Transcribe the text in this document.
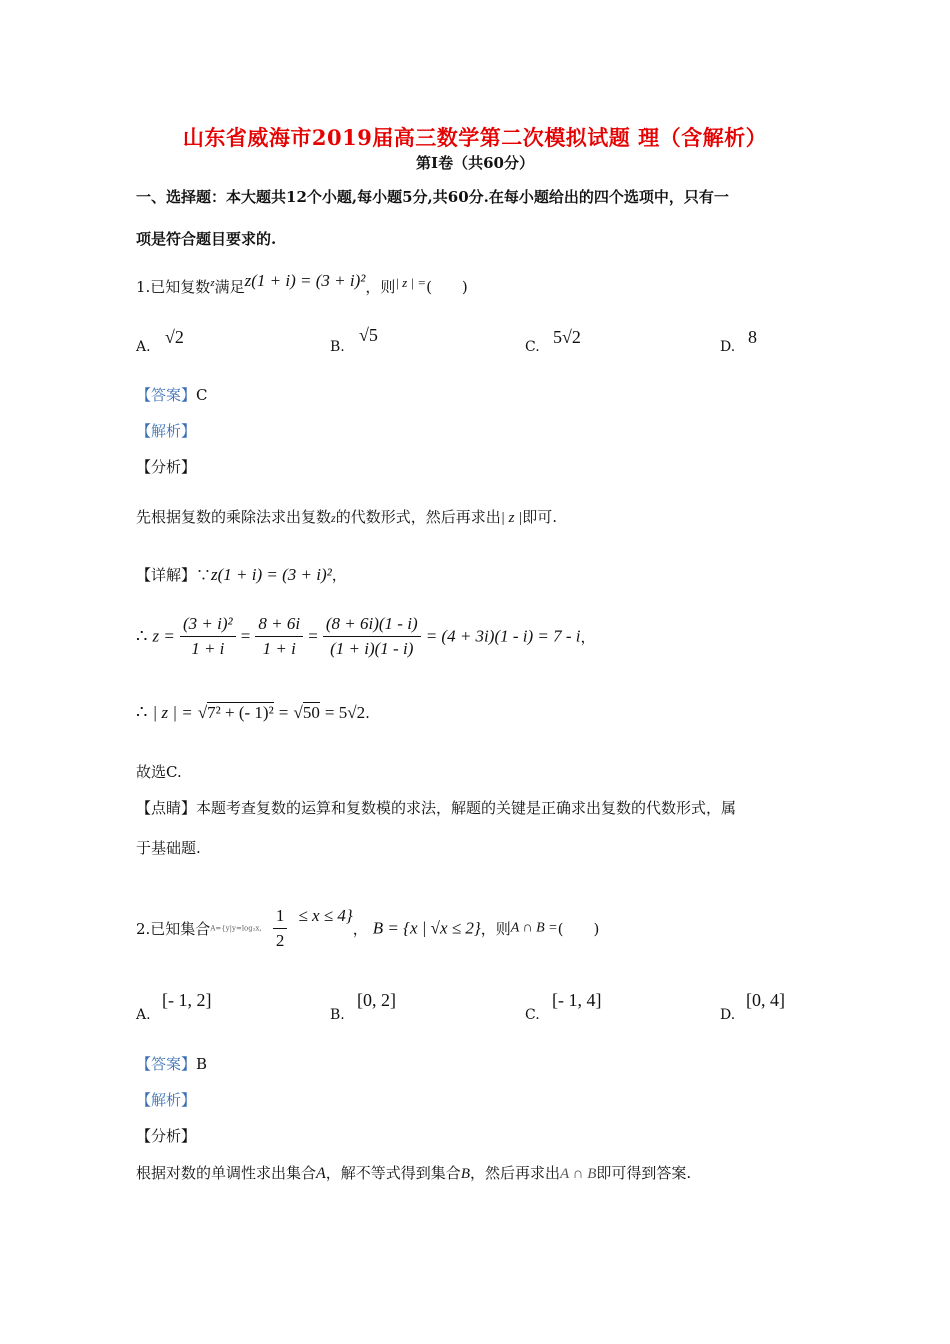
山东省威海市2019届高三数学第二次模拟试题 理（含解析）
第Ⅰ卷（共60分）
一、选择题：本大题共12个小题,每小题5分,共60分.在每小题给出的四个选项中，只有一
项是符合题目要求的.
1.已知复数$^z$满足z(1 + i) = (3 + i)²，则| z | =(　　)
A. √2	B.
√5
C. 5√2	D. 8
【答案】C
【解析】
【分析】
先根据复数的乘除法求出复数z的代数形式，然后再求出| z |即可.
【详解】∵z(1 + i) = (3 + i)²，
∴ $z = \frac{\text{(3 + i)²}}{1 + i} = \frac{8 + 6i}{1 + i} = \frac{(8 + 6i)(1 - i)}{(1 + i)(1 - i)} = (4 + 3i)(1 - i) = 7 - i$，
∴ | z | = √7² + (- 1)² = √50 = 5√2.
故选C.
【点睛】本题考查复数的运算和复数模的求法，解题的关键是正确求出复数的代数形式，属
于基础题.
2.已知集合A={y|y=log₂x, $\frac{1}{2} \le x \le 4$}， B = {x | √x ≤ 2}，则A ∩ B =(　　)
A.
[- 1, 2]
B.
[0, 2]
C.
[- 1, 4]
D.
[0, 4]
【答案】B
【解析】
【分析】
根据对数的单调性求出集合A，解不等式得到集合B，然后再求出A ∩ B即可得到答案.
